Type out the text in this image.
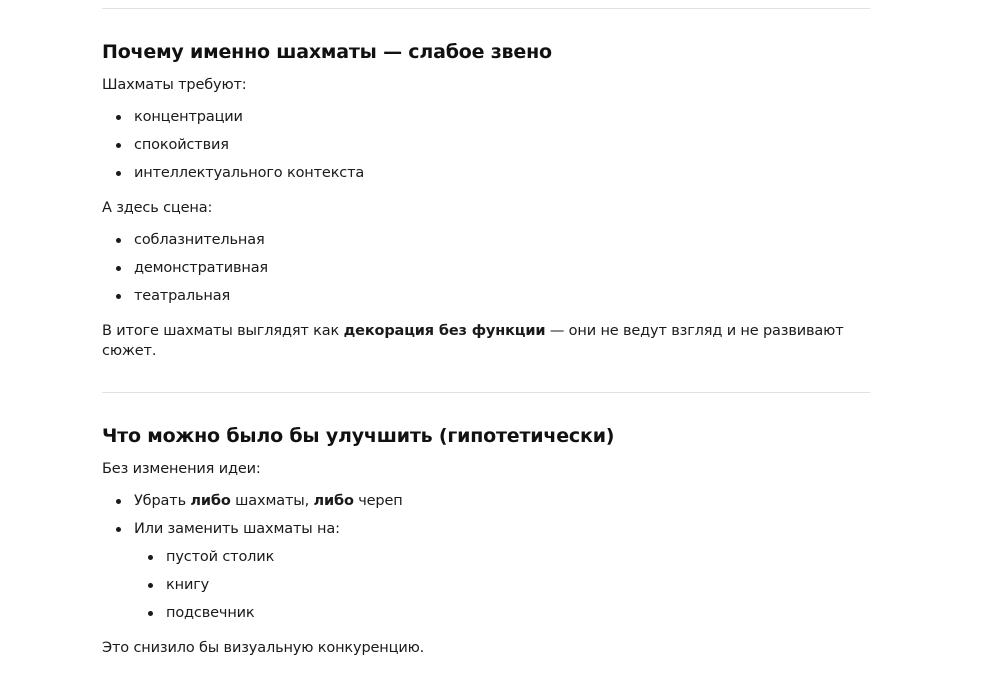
Почему именно шахматы — слабое звено

Шахматы требуют:

концентрации
спокойствия
интеллектуального контекста

А здесь сцена:

соблазнительная
демонстративная
театральная

В итоге шахматы выглядят как декорация без функции — они не ведут взгляд и не развивают сюжет.

Что можно было бы улучшить (гипотетически)

Без изменения идеи:

Убрать либо шахматы, либо череп
Или заменить шахматы на:
пустой столик
книгу
подсвечник

Это снизило бы визуальную конкуренцию.
